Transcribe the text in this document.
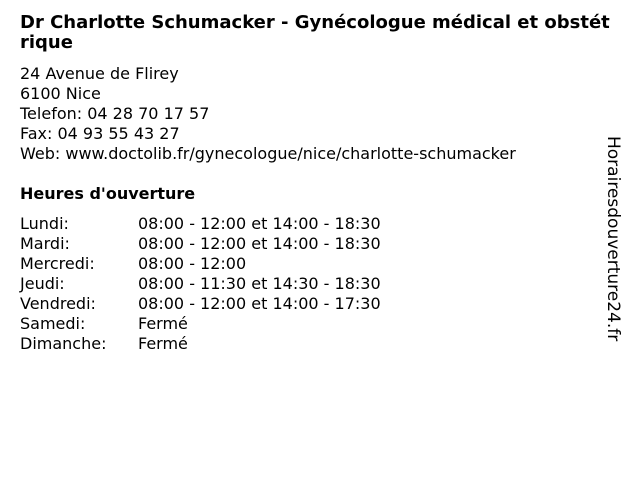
Dr Charlotte Schumacker - Gynécologue médical et obstétrique
24 Avenue de Flirey
6100 Nice
Telefon: 04 28 70 17 57
Fax: 04 93 55 43 27
Web: www.doctolib.fr/gynecologue/nice/charlotte-schumacker
Heures d'ouverture
Lundi:	08:00 - 12:00 et 14:00 - 18:30
Mardi:	08:00 - 12:00 et 14:00 - 18:30
Mercredi:	08:00 - 12:00
Jeudi:	08:00 - 11:30 et 14:30 - 18:30
Vendredi:	08:00 - 12:00 et 14:00 - 17:30
Samedi:	Fermé
Dimanche:	Fermé
Horairesdouverture24.fr
